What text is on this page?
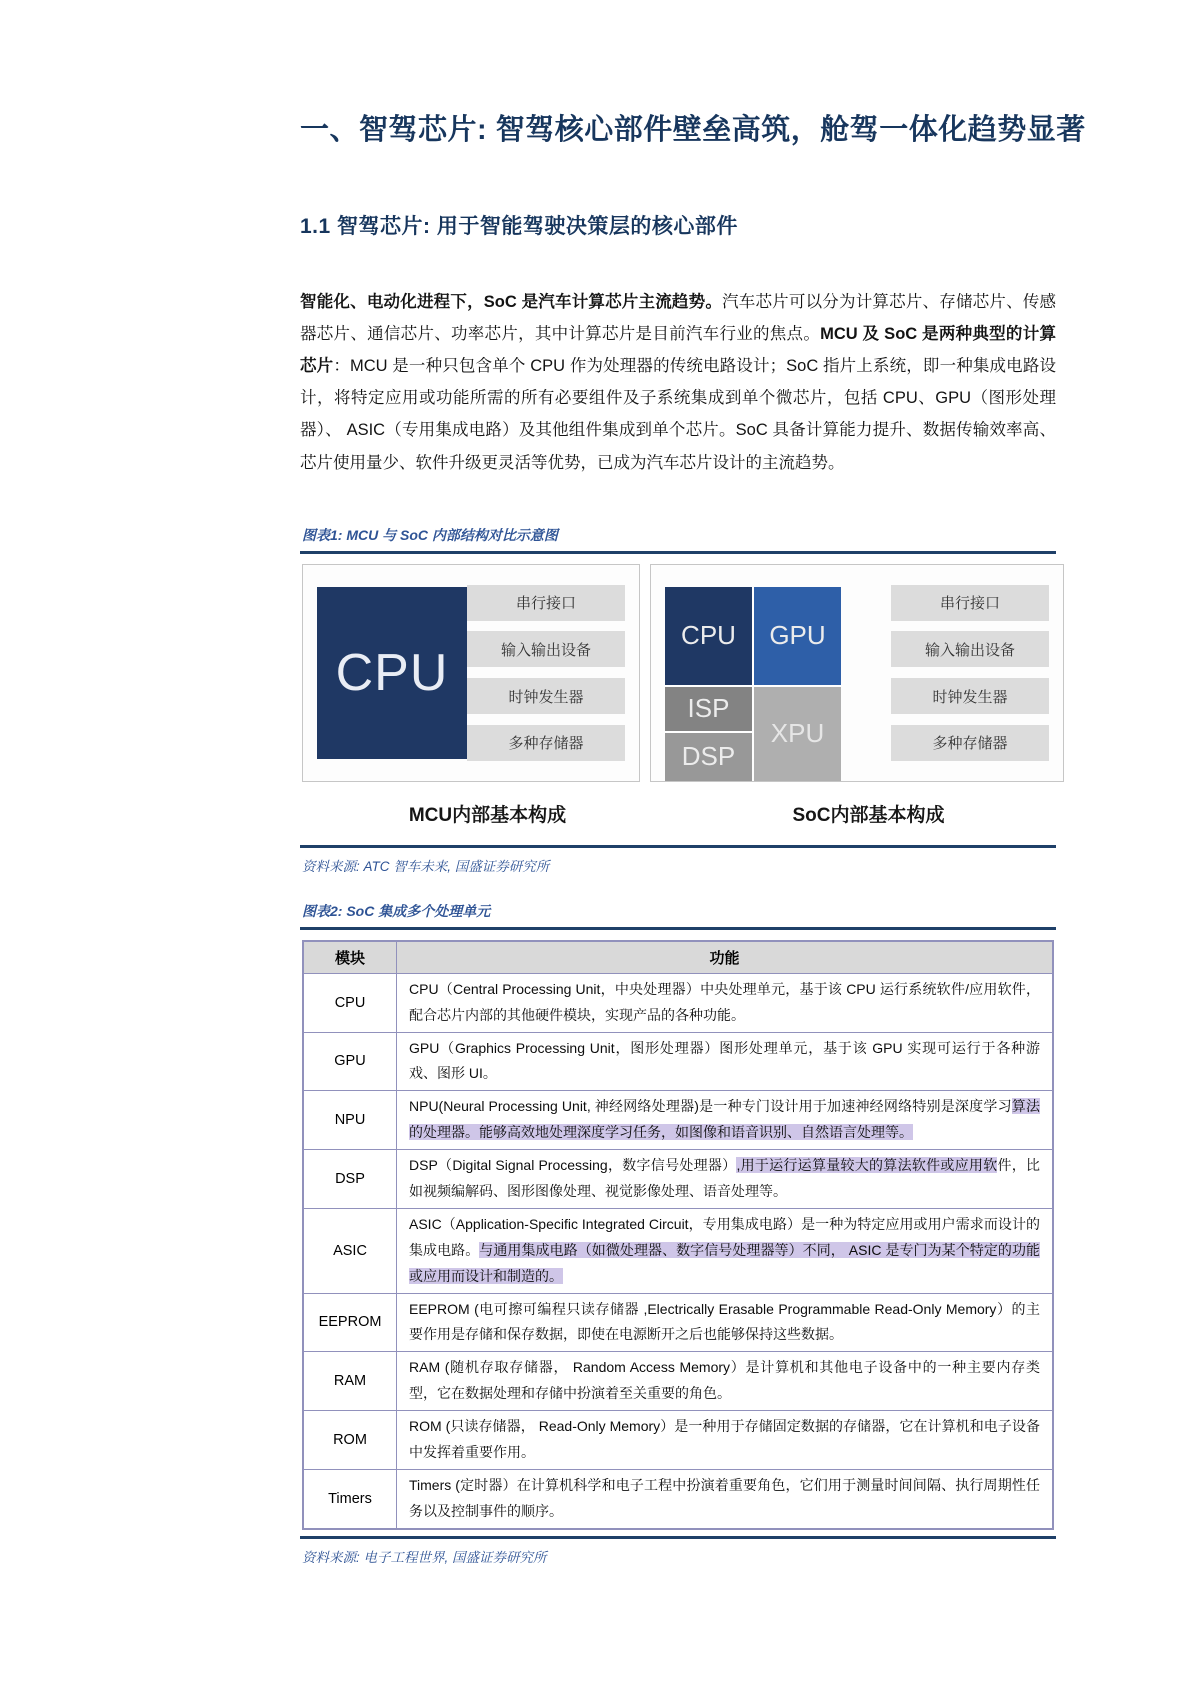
一、智驾芯片: 智驾核心部件壁垒高筑，舱驾一体化趋势显著
1.1 智驾芯片: 用于智能驾驶决策层的核心部件

智能化、电动化进程下，SoC 是汽车计算芯片主流趋势。汽车芯片可以分为计算芯片、存储芯片、传感器芯片、通信芯片、功率芯片，其中计算芯片是目前汽车行业的焦点。MCU 及 SoC 是两种典型的计算芯片：MCU 是一种只包含单个 CPU 作为处理器的传统电路设计；SoC 指片上系统，即一种集成电路设计，将特定应用或功能所需的所有必要组件及子系统集成到单个微芯片，包括 CPU、GPU（图形处理器）、 ASIC（专用集成电路）及其他组件集成到单个芯片。SoC 具备计算能力提升、数据传输效率高、芯片使用量少、软件升级更灵活等优势，已成为汽车芯片设计的主流趋势。

图表1: MCU 与 SoC 内部结构对比示意图
CPU
串行接口
输入输出设备
时钟发生器
多种存储器
CPU	GPU
ISP
DSP
XPU
串行接口
输入输出设备
时钟发生器
多种存储器
MCU内部基本构成	SoC内部基本构成
资料来源: ATC 智车未来, 国盛证券研究所
图表2: SoC 集成多个处理单元
模块	功能
CPU	CPU（Central Processing Unit，中央处理器）中央处理单元，基于该 CPU 运行系统软件/应用软件，配合芯片内部的其他硬件模块，实现产品的各种功能。
GPU	GPU（Graphics Processing Unit，图形处理器）图形处理单元，基于该 GPU 实现可运行于各种游戏、图形 UI。
NPU	NPU(Neural Processing Unit, 神经网络处理器)是一种专门设计用于加速神经网络特别是深度学习算法的处理器。能够高效地处理深度学习任务，如图像和语音识别、自然语言处理等。
DSP	DSP（Digital Signal Processing，数字信号处理器）,用于运行运算量较大的算法软件或应用软件，比如视频编解码、图形图像处理、视觉影像处理、语音处理等。
ASIC	ASIC（Application-Specific Integrated Circuit，专用集成电路）是一种为特定应用或用户需求而设计的集成电路。与通用集成电路（如微处理器、数字信号处理器等）不同， ASIC 是专门为某个特定的功能或应用而设计和制造的。
EEPROM	EEPROM (电可擦可编程只读存储器 ,Electrically Erasable Programmable Read-Only Memory）的主要作用是存储和保存数据，即使在电源断开之后也能够保持这些数据。
RAM	RAM (随机存取存储器， Random Access Memory）是计算机和其他电子设备中的一种主要内存类型，它在数据处理和存储中扮演着至关重要的角色。
ROM	ROM (只读存储器， Read-Only Memory）是一种用于存储固定数据的存储器，它在计算机和电子设备中发挥着重要作用。
Timers	Timers (定时器）在计算机科学和电子工程中扮演着重要角色，它们用于测量时间间隔、执行周期性任务以及控制事件的顺序。
资料来源: 电子工程世界, 国盛证券研究所
